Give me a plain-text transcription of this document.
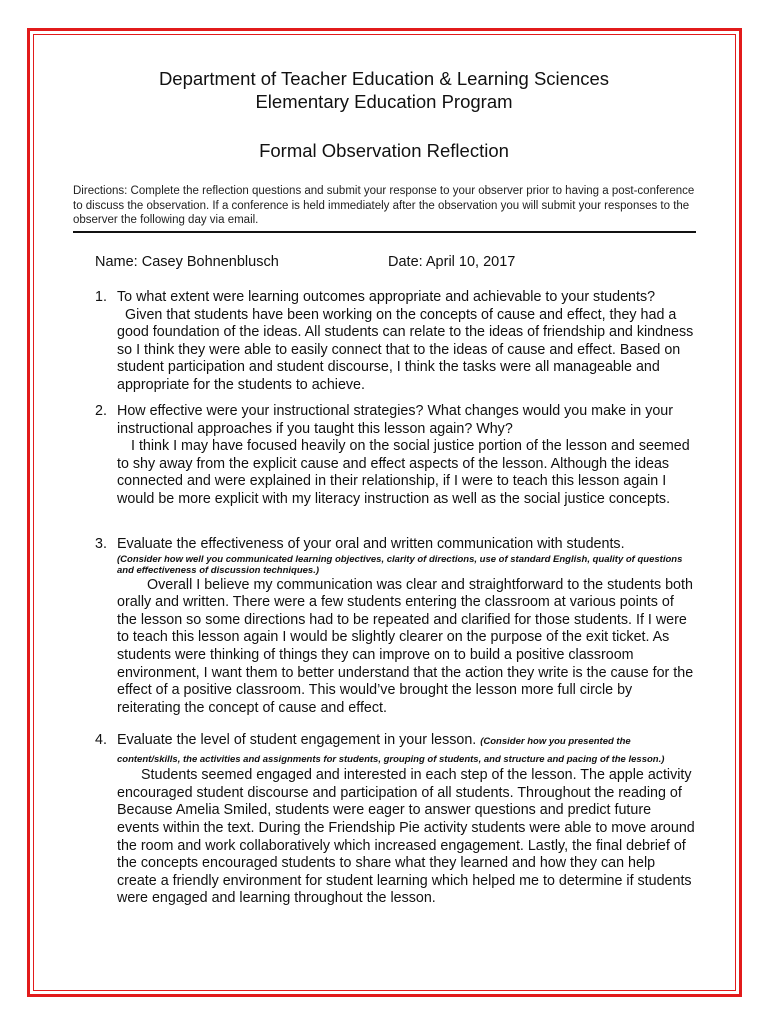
Department of Teacher Education & Learning Sciences
Elementary Education Program
Formal Observation Reflection
Directions: Complete the reflection questions and submit your response to your observer prior to having a post-conference to discuss the observation. If a conference is held immediately after the observation you will submit your responses to the observer the following day via email.
Name: Casey Bohnenblusch	Date: April 10, 2017
1. To what extent were learning outcomes appropriate and achievable to your students?
Given that students have been working on the concepts of cause and effect, they had a good foundation of the ideas. All students can relate to the ideas of friendship and kindness so I think they were able to easily connect that to the ideas of cause and effect. Based on student participation and student discourse, I think the tasks were all manageable and appropriate for the students to achieve.
2. How effective were your instructional strategies? What changes would you make in your instructional approaches if you taught this lesson again? Why?
I think I may have focused heavily on the social justice portion of the lesson and seemed to shy away from the explicit cause and effect aspects of the lesson. Although the ideas connected and were explained in their relationship, if I were to teach this lesson again I would be more explicit with my literacy instruction as well as the social justice concepts.
3. Evaluate the effectiveness of your oral and written communication with students.
(Consider how well you communicated learning objectives, clarity of directions, use of standard English, quality of questions and effectiveness of discussion techniques.)
Overall I believe my communication was clear and straightforward to the students both orally and written. There were a few students entering the classroom at various points of the lesson so some directions had to be repeated and clarified for those students. If I were to teach this lesson again I would be slightly clearer on the purpose of the exit ticket. As students were thinking of things they can improve on to build a positive classroom environment, I want them to better understand that the action they write is the cause for the effect of a positive classroom. This would’ve brought the lesson more full circle by reiterating the concept of cause and effect.
4. Evaluate the level of student engagement in your lesson. (Consider how you presented the content/skills, the activities and assignments for students, grouping of students, and structure and pacing of the lesson.)
Students seemed engaged and interested in each step of the lesson. The apple activity encouraged student discourse and participation of all students. Throughout the reading of Because Amelia Smiled, students were eager to answer questions and predict future events within the text. During the Friendship Pie activity students were able to move around the room and work collaboratively which increased engagement. Lastly, the final debrief of the concepts encouraged students to share what they learned and how they can help create a friendly environment for student learning which helped me to determine if students were engaged and learning throughout the lesson.
